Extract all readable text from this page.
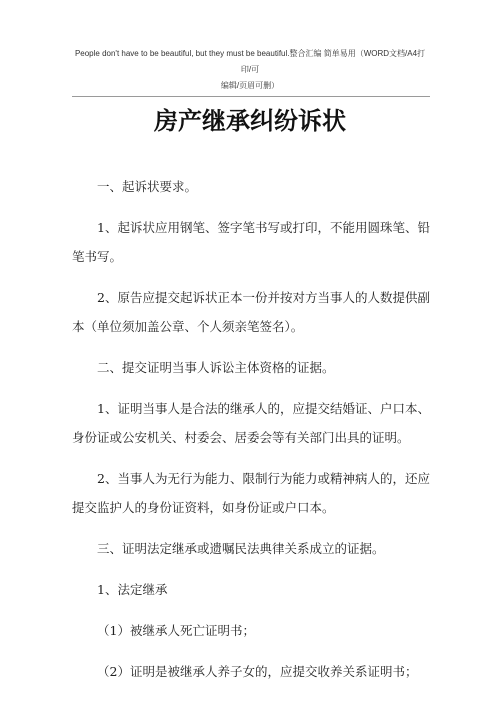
People don't have to be beautiful, but they must be beautiful.整合汇编 简单易用（WORD文档/A4打印/可
编辑/页眉可删）
房产继承纠纷诉状

一、起诉状要求。

1、起诉状应用钢笔、签字笔书写或打印，不能用圆珠笔、铅笔书写。

2、原告应提交起诉状正本一份并按对方当事人的人数提供副本（单位须加盖公章、个人须亲笔签名）。

二、提交证明当事人诉讼主体资格的证据。

1、证明当事人是合法的继承人的，应提交结婚证、户口本、身份证或公安机关、村委会、居委会等有关部门出具的证明。

2、当事人为无行为能力、限制行为能力或精神病人的，还应提交监护人的身份证资料，如身份证或户口本。

三、证明法定继承或遗嘱民法典律关系成立的证据。

1、法定继承

（1）被继承人死亡证明书；

（2）证明是被继承人养子女的，应提交收养关系证明书；
